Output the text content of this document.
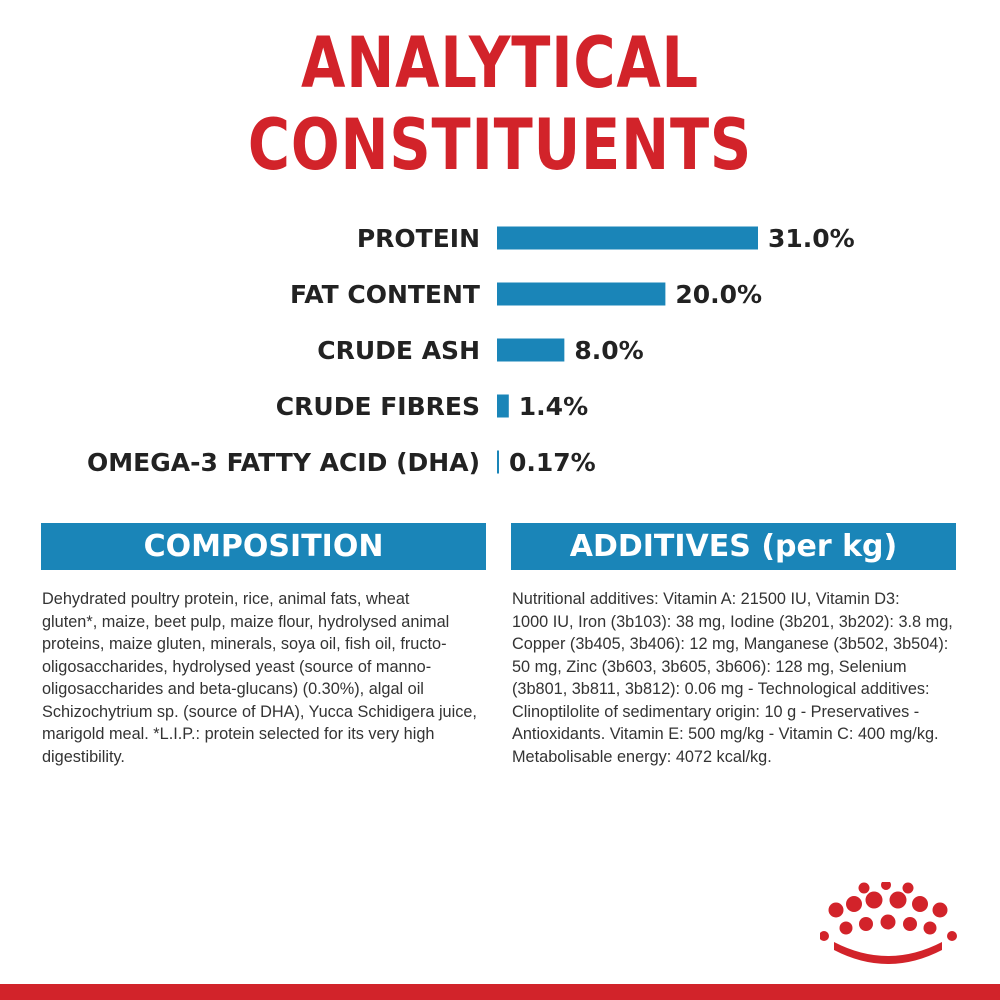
ANALYTICAL
CONSTITUENTS
PROTEIN	31.0%
FAT CONTENT	20.0%
CRUDE ASH	8.0%
CRUDE FIBRES 1.4%
OMEGA-3 FATTY ACID (DHA) 0.17%
COMPOSITION
Dehydrated poultry protein, rice, animal fats, wheat
gluten*, maize, beet pulp, maize flour, hydrolysed animal
proteins, maize gluten, minerals, soya oil, fish oil, fructo-
oligosaccharides, hydrolysed yeast (source of manno-
oligosaccharides and beta-glucans) (0.30%), algal oil
Schizochytrium sp. (source of DHA), Yucca Schidigera juice,
marigold meal. *L.I.P.: protein selected for its very high
digestibility.
ADDITIVES (per kg)
Nutritional additives: Vitamin A: 21500 IU, Vitamin D3:
1000 IU, Iron (3b103): 38 mg, Iodine (3b201, 3b202): 3.8 mg,
Copper (3b405, 3b406): 12 mg, Manganese (3b502, 3b504):
50 mg, Zinc (3b603, 3b605, 3b606): 128 mg, Selenium
(3b801, 3b811, 3b812): 0.06 mg - Technological additives:
Clinoptilolite of sedimentary origin: 10 g - Preservatives -
Antioxidants. Vitamin E: 500 mg/kg - Vitamin C: 400 mg/kg.
Metabolisable energy: 4072 kcal/kg.
